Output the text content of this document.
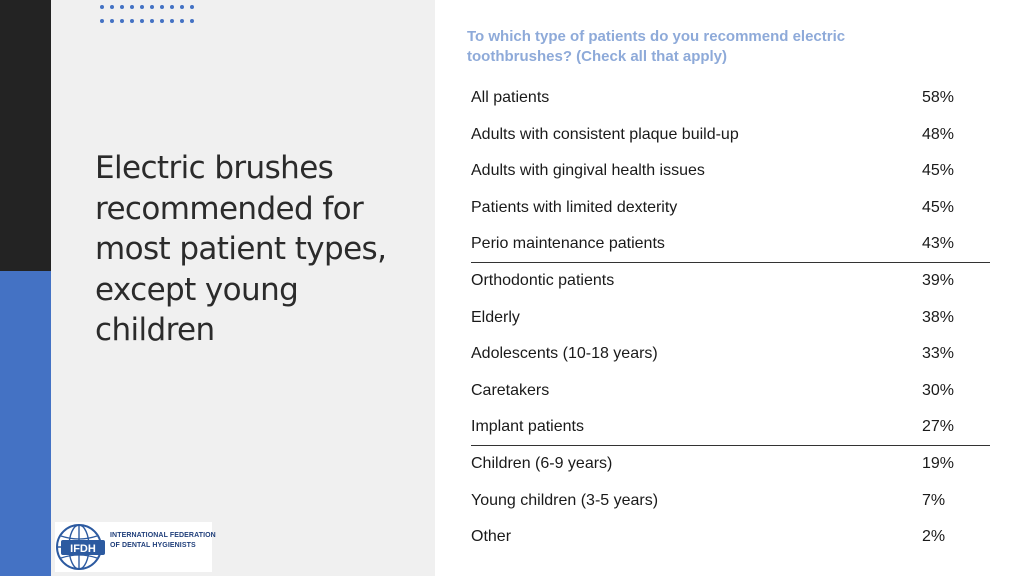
Electric brushes recommended for most patient types, except young children
IFDH
INTERNATIONAL FEDERATION
OF DENTAL HYGIENISTS
To which type of patients do you recommend electric toothbrushes? (Check all that apply)
All patients	58%
Adults with consistent plaque build-up	48%
Adults with gingival health issues	45%
Patients with limited dexterity	45%
Perio maintenance patients	43%
Orthodontic patients	39%
Elderly	38%
Adolescents (10-18 years)	33%
Caretakers	30%
Implant patients	27%
Children (6-9 years)	19%
Young children (3-5 years)	7%
Other	2%
